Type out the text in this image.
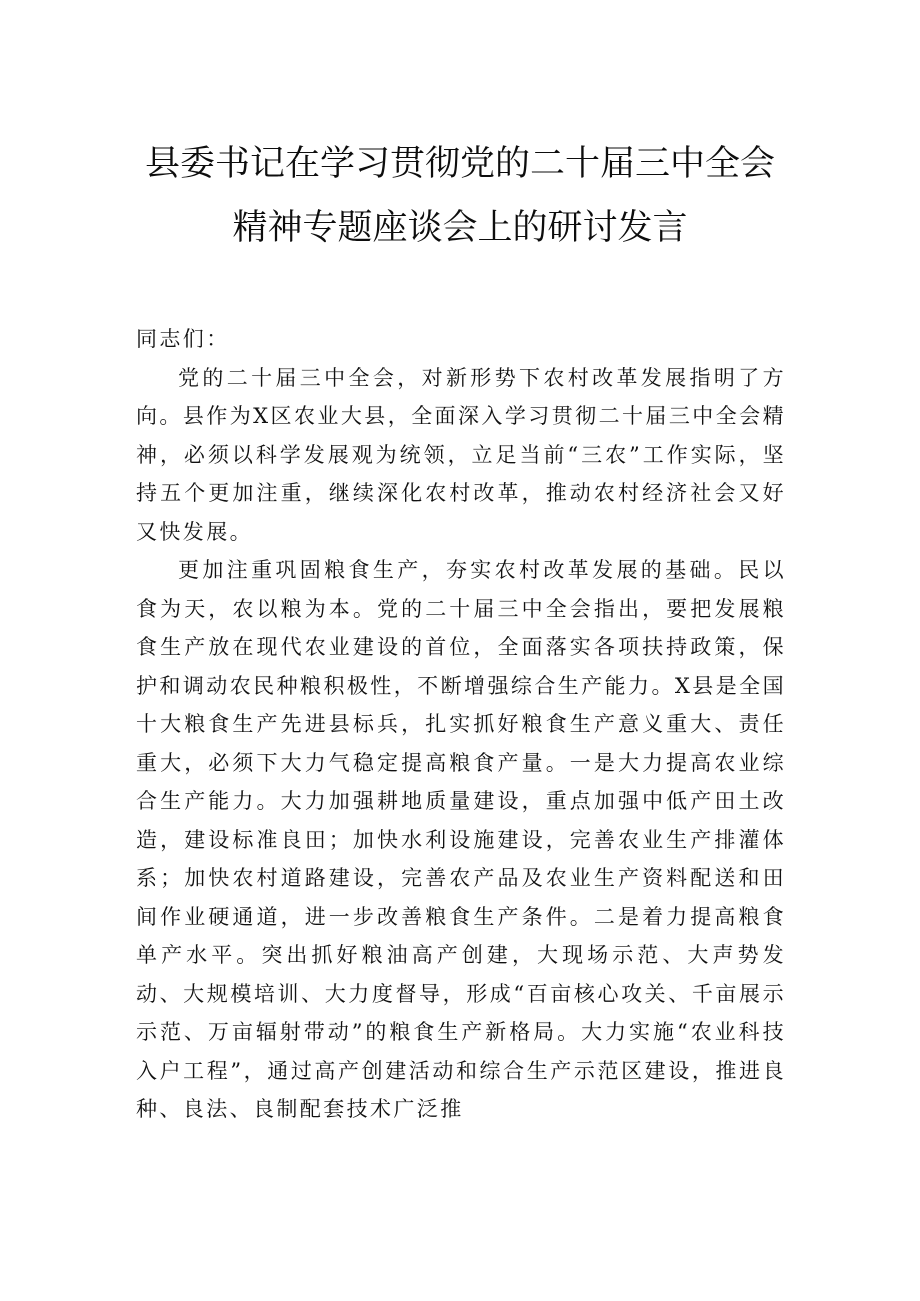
县委书记在学习贯彻党的二十届三中全会
精神专题座谈会上的研讨发言

同志们：

党的二十届三中全会，对新形势下农村改革发展指明了方向。县作为X区农业大县，全面深入学习贯彻二十届三中全会精神，必须以科学发展观为统领，立足当前“三农”工作实际，坚持五个更加注重，继续深化农村改革，推动农村经济社会又好又快发展。

更加注重巩固粮食生产，夯实农村改革发展的基础。民以食为天，农以粮为本。党的二十届三中全会指出，要把发展粮食生产放在现代农业建设的首位，全面落实各项扶持政策，保护和调动农民种粮积极性，不断增强综合生产能力。X县是全国十大粮食生产先进县标兵，扎实抓好粮食生产意义重大、责任重大，必须下大力气稳定提高粮食产量。一是大力提高农业综合生产能力。大力加强耕地质量建设，重点加强中低产田土改造，建设标准良田；加快水利设施建设，完善农业生产排灌体系；加快农村道路建设，完善农产品及农业生产资料配送和田间作业硬通道，进一步改善粮食生产条件。二是着力提高粮食单产水平。突出抓好粮油高产创建，大现场示范、大声势发动、大规模培训、大力度督导，形成“百亩核心攻关、千亩展示示范、万亩辐射带动”的粮食生产新格局。大力实施“农业科技入户工程”，通过高产创建活动和综合生产示范区建设，推进良种、良法、良制配套技术广泛推
